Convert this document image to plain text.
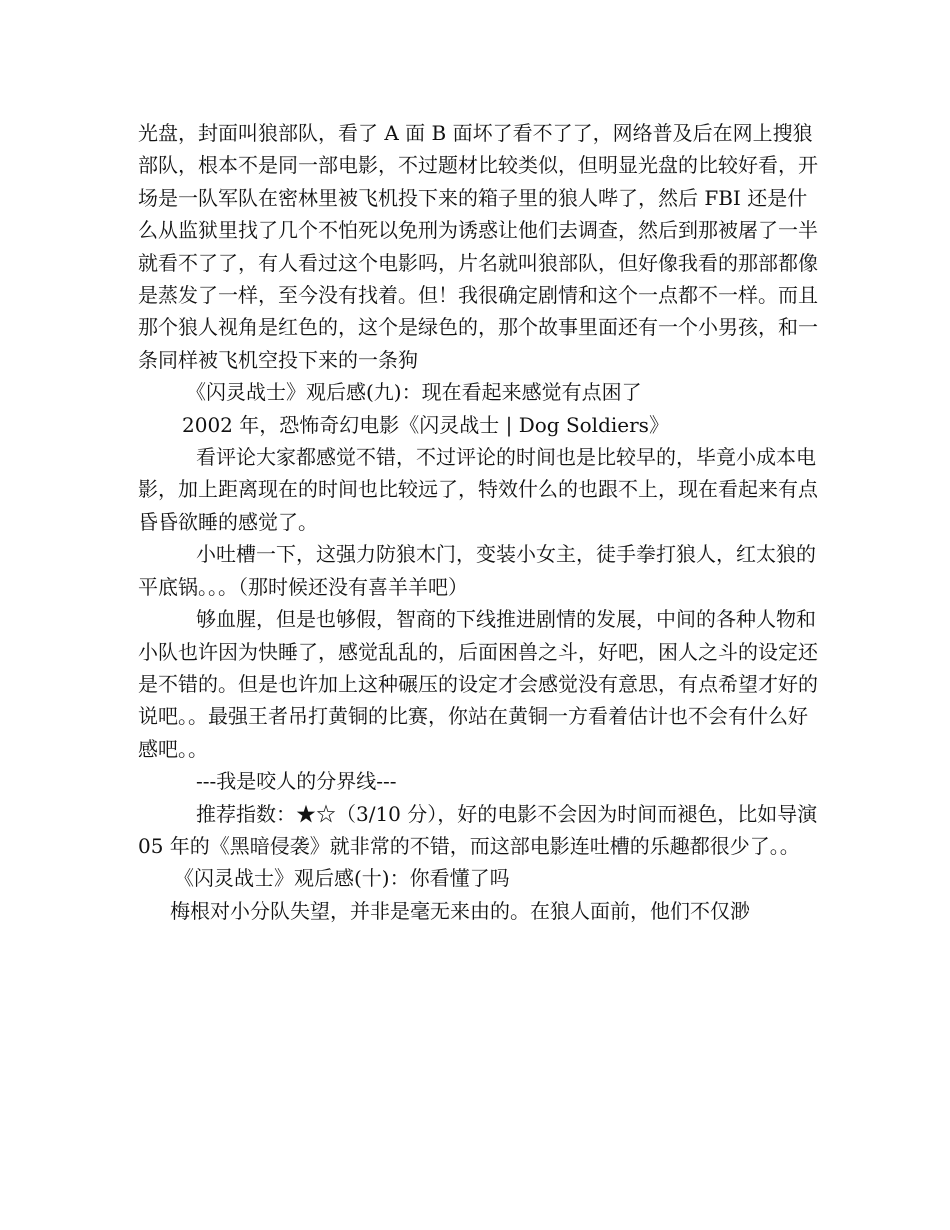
光盘，封面叫狼部队，看了 A 面 B 面坏了看不了了，网络普及后在网上搜狼部队，根本不是同一部电影，不过题材比较类似，但明显光盘的比较好看，开场是一队军队在密林里被飞机投下来的箱子里的狼人哔了，然后 FBI 还是什么从监狱里找了几个不怕死以免刑为诱惑让他们去调查，然后到那被屠了一半就看不了了，有人看过这个电影吗，片名就叫狼部队，但好像我看的那部都像是蒸发了一样，至今没有找着。但！我很确定剧情和这个一点都不一样。而且那个狼人视角是红色的，这个是绿色的，那个故事里面还有一个小男孩，和一条同样被飞机空投下来的一条狗

《闪灵战士》观后感(九)：现在看起来感觉有点困了

2002 年，恐怖奇幻电影《闪灵战士 | Dog Soldiers》

看评论大家都感觉不错，不过评论的时间也是比较早的，毕竟小成本电影，加上距离现在的时间也比较远了，特效什么的也跟不上，现在看起来有点昏昏欲睡的感觉了。

小吐槽一下，这强力防狼木门，变装小女主，徒手拳打狼人，红太狼的平底锅。。。（那时候还没有喜羊羊吧）

够血腥，但是也够假，智商的下线推进剧情的发展，中间的各种人物和小队也许因为快睡了，感觉乱乱的，后面困兽之斗，好吧，困人之斗的设定还是不错的。但是也许加上这种碾压的设定才会感觉没有意思，有点希望才好的说吧。。最强王者吊打黄铜的比赛，你站在黄铜一方看着估计也不会有什么好感吧。。

---我是咬人的分界线---

推荐指数：★☆（3/10 分），好的电影不会因为时间而褪色，比如导演 05 年的《黑暗侵袭》就非常的不错，而这部电影连吐槽的乐趣都很少了。。

《闪灵战士》观后感(十)：你看懂了吗

梅根对小分队失望，并非是毫无来由的。在狼人面前，他们不仅渺
